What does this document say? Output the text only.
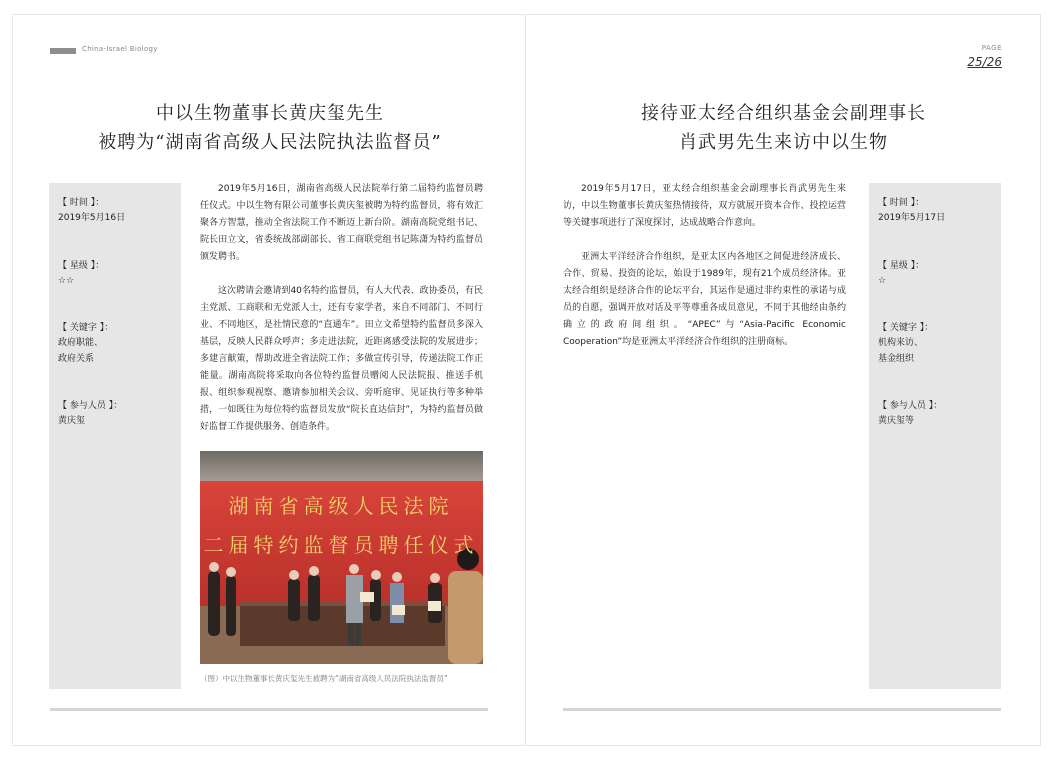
China-Israel Biology	PAGE
25/26
中以生物董事长黄庆玺先生
被聘为“湖南省高级人民法院执法监督员”
【 时间 】：
2019年5月16日
【 星级 】：
☆☆
【 关键字 】：
政府职能、
政府关系
【 参与人员 】：
黄庆玺

2019年5月16日，湖南省高级人民法院举行第二届特约监督员聘任仪式。中以生物有限公司董事长黄庆玺被聘为特约监督员，将有效汇聚各方智慧，推动全省法院工作不断迈上新台阶。湖南高院党组书记、院长田立文，省委统战部副部长、省工商联党组书记陈潇为特约监督员颁发聘书。

这次聘请会邀请到40名特约监督员，有人大代表、政协委员，有民主党派、工商联和无党派人士，还有专家学者，来自不同部门、不同行业、不同地区，是社情民意的“直通车”。田立文希望特约监督员多深入基层，反映人民群众呼声；多走进法院，近距离感受法院的发展进步；多建言献策，帮助改进全省法院工作；多做宣传引导，传递法院工作正能量。湖南高院将采取向各位特约监督员赠阅人民法院报、推送手机报、组织参观视察、邀请参加相关会议、旁听庭审、见证执行等多种举措，一如既往为每位特约监督员发放“院长直达信封”，为特约监督员做好监督工作提供服务、创造条件。

湖南省高级人民法院
二届特约监督员聘任仪式
（图）中以生物董事长黄庆玺先生被聘为“湖南省高级人民法院执法监督员”
接待亚太经合组织基金会副理事长
肖武男先生来访中以生物

2019年5月17日，亚太经合组织基金会副理事长肖武男先生来访，中以生物董事长黄庆玺热情接待，双方就展开资本合作、投控运营等关键事项进行了深度探讨，达成战略合作意向。

亚洲太平洋经济合作组织，是亚太区内各地区之间促进经济成长、合作、贸易、投资的论坛，始设于1989年，现有21个成员经济体。亚太经合组织是经济合作的论坛平台，其运作是通过非约束性的承诺与成员的自愿，强调开放对话及平等尊重各成员意见，不同于其他经由条约确立的政府间组织。“APEC”与“Asia-Pacific Economic Cooperation”均是亚洲太平洋经济合作组织的注册商标。

【 时间 】：
2019年5月17日
【 星级 】：
☆
【 关键字 】：
机构来访、
基金组织
【 参与人员 】：
黄庆玺等
